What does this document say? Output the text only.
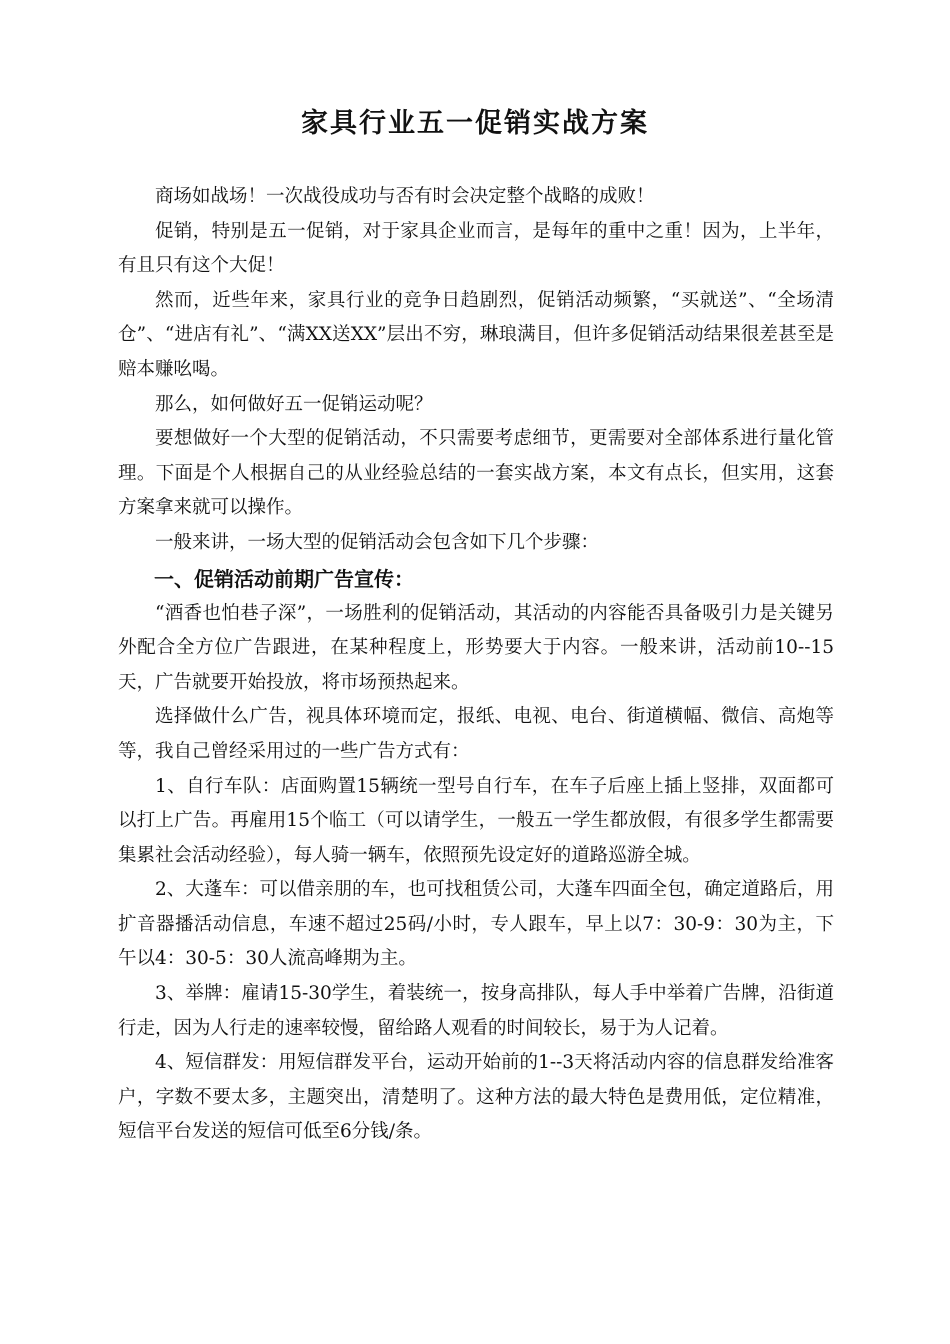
家具行业五一促销实战方案

商场如战场！一次战役成功与否有时会决定整个战略的成败！

促销，特别是五一促销，对于家具企业而言，是每年的重中之重！因为，上半年，有且只有这个大促！

然而，近些年来，家具行业的竞争日趋剧烈，促销活动频繁，“买就送”、“全场清仓”、“进店有礼”、“满XX送XX”层出不穷，琳琅满目，但许多促销活动结果很差甚至是赔本赚吆喝。

那么，如何做好五一促销运动呢？

要想做好一个大型的促销活动，不只需要考虑细节，更需要对全部体系进行量化管理。下面是个人根据自己的从业经验总结的一套实战方案，本文有点长，但实用，这套方案拿来就可以操作。

一般来讲，一场大型的促销活动会包含如下几个步骤：

一、促销活动前期广告宣传：

“酒香也怕巷子深”，一场胜利的促销活动，其活动的内容能否具备吸引力是关键另外配合全方位广告跟进，在某种程度上，形势要大于内容。一般来讲，活动前10--15天，广告就要开始投放，将市场预热起来。

选择做什么广告，视具体环境而定，报纸、电视、电台、街道横幅、微信、高炮等等，我自己曾经采用过的一些广告方式有：

1、自行车队：店面购置15辆统一型号自行车，在车子后座上插上竖排，双面都可以打上广告。再雇用15个临工（可以请学生，一般五一学生都放假，有很多学生都需要集累社会活动经验），每人骑一辆车，依照预先设定好的道路巡游全城。

2、大蓬车：可以借亲朋的车，也可找租赁公司，大蓬车四面全包，确定道路后，用扩音器播活动信息，车速不超过25码/小时，专人跟车，早上以7：30-9：30为主，下午以4：30-5：30人流高峰期为主。

3、举牌：雇请15-30学生，着装统一，按身高排队，每人手中举着广告牌，沿街道行走，因为人行走的速率较慢，留给路人观看的时间较长，易于为人记着。

4、短信群发：用短信群发平台，运动开始前的1--3天将活动内容的信息群发给准客户，字数不要太多，主题突出，清楚明了。这种方法的最大特色是费用低，定位精准，短信平台发送的短信可低至6分钱/条。
